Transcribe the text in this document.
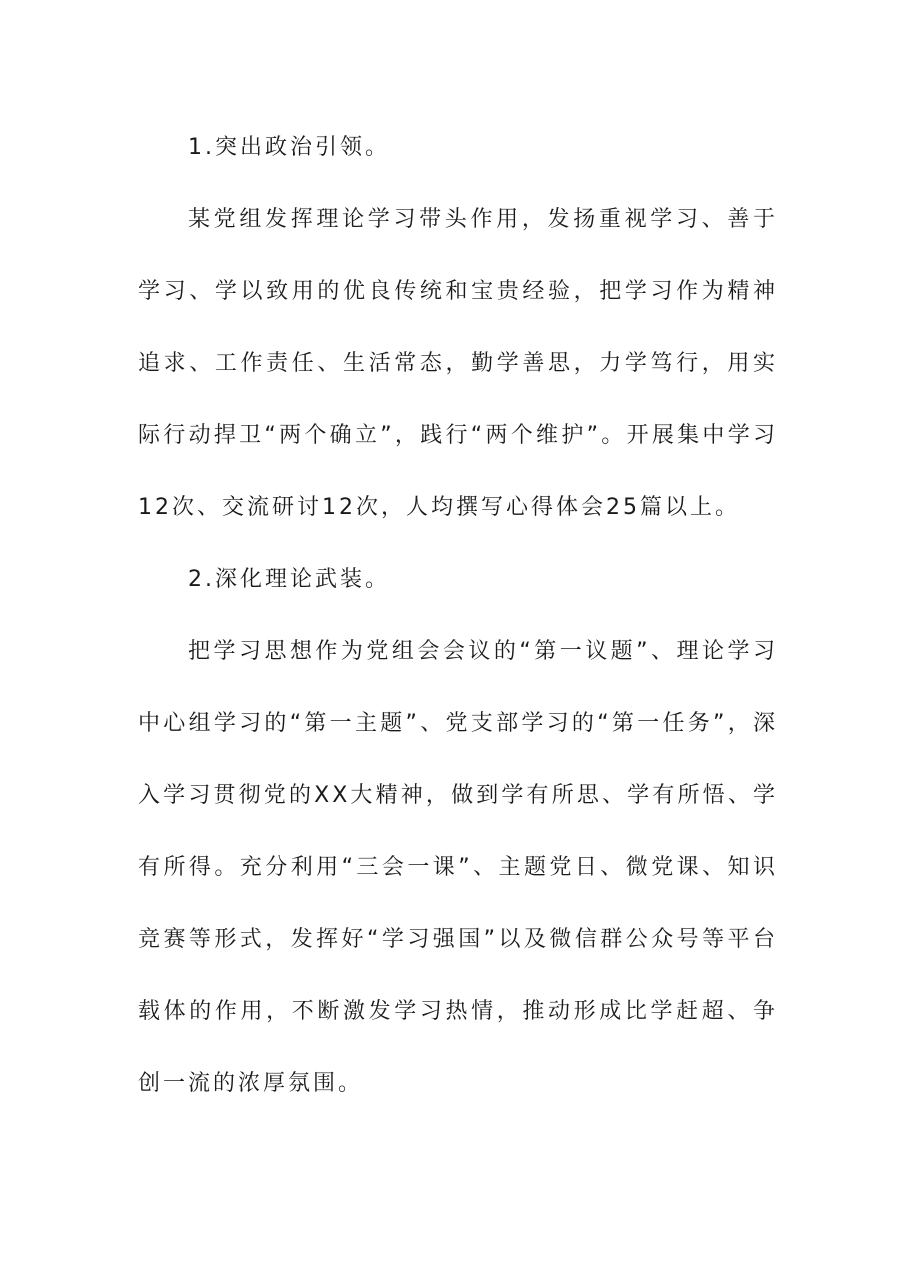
1.突出政治引领。

某党组发挥理论学习带头作用，发扬重视学习、善于学习、学以致用的优良传统和宝贵经验，把学习作为精神追求、工作责任、生活常态，勤学善思，力学笃行，用实际行动捍卫“两个确立”，践行“两个维护”。开展集中学习12次、交流研讨12次，人均撰写心得体会25篇以上。

2.深化理论武装。

把学习思想作为党组会会议的“第一议题”、理论学习中心组学习的“第一主题”、党支部学习的“第一任务”，深入学习贯彻党的XX大精神，做到学有所思、学有所悟、学有所得。充分利用“三会一课”、主题党日、微党课、知识竞赛等形式，发挥好“学习强国”以及微信群公众号等平台载体的作用，不断激发学习热情，推动形成比学赶超、争创一流的浓厚氛围。
